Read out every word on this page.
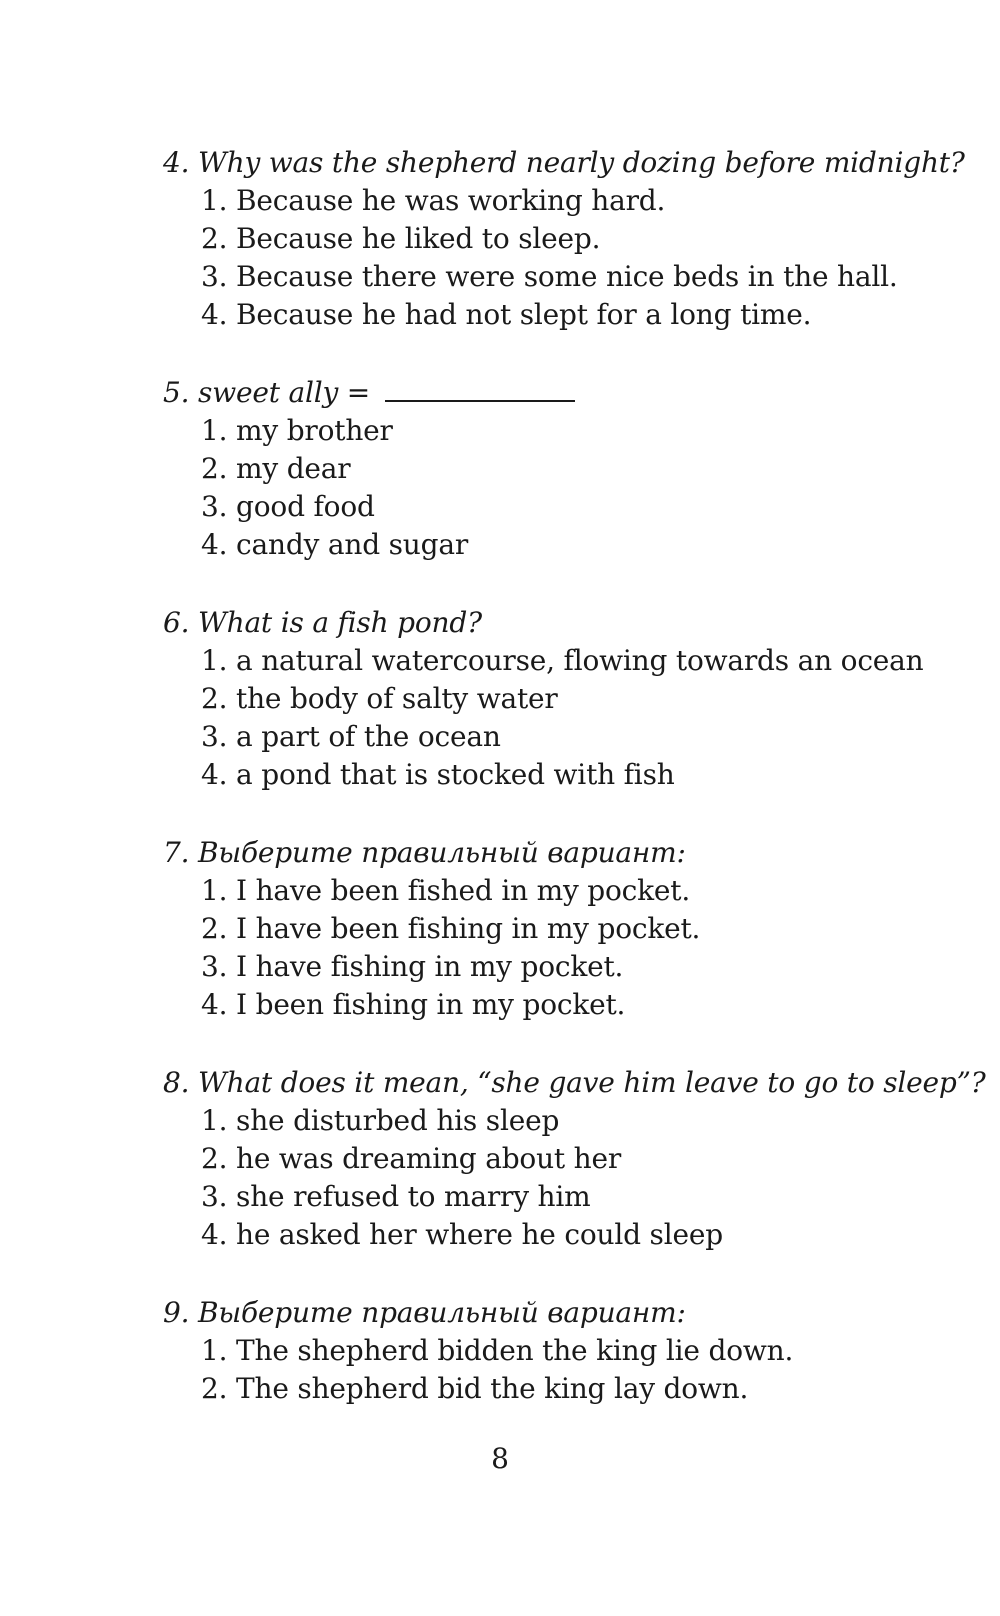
4. Why was the shepherd nearly dozing before midnight?
1. Because he was working hard.
2. Because he liked to sleep.
3. Because there were some nice beds in the hall.
4. Because he had not slept for a long time.
5. sweet ally =
1. my brother
2. my dear
3. good food
4. candy and sugar
6. What is a fish pond?
1. a natural watercourse, flowing towards an ocean
2. the body of salty water
3. a part of the ocean
4. a pond that is stocked with fish
7. Выберите правильный вариант:
1. I have been fished in my pocket.
2. I have been fishing in my pocket.
3. I have fishing in my pocket.
4. I been fishing in my pocket.
8. What does it mean, “she gave him leave to go to sleep”?
1. she disturbed his sleep
2. he was dreaming about her
3. she refused to marry him
4. he asked her where he could sleep
9. Выберите правильный вариант:
1. The shepherd bidden the king lie down.
2. The shepherd bid the king lay down.
8
